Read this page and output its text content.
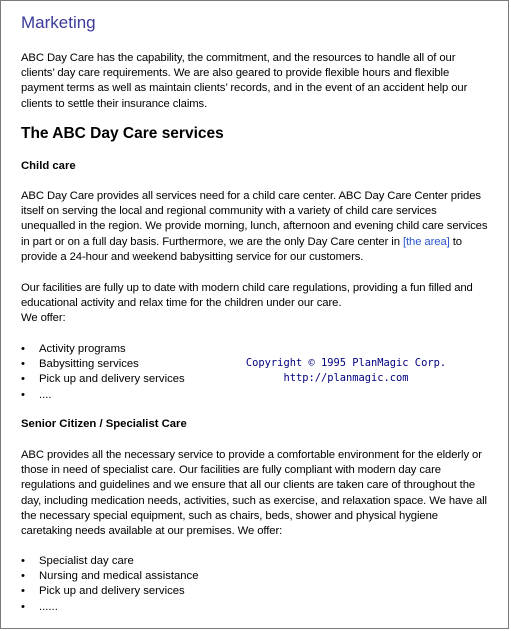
Marketing
ABC Day Care has the capability, the commitment, and the resources to handle all of our clients’ day care requirements. We are also geared to provide flexible hours and flexible payment terms as well as maintain clients’ records, and in the event of an accident help our clients to settle their insurance claims.
The ABC Day Care services
Child care
ABC Day Care provides all services need for a child care center. ABC Day Care Center prides itself on serving the local and regional community with a variety of child care services unequalled in the region. We provide morning, lunch, afternoon and evening child care services in part or on a full day basis. Furthermore, we are the only Day Care center in [the area] to provide a 24-hour and weekend babysitting service for our customers.
Our facilities are fully up to date with modern child care regulations, providing a fun filled and educational activity and relax time for the children under our care.
We offer:
• Activity programs
• Babysitting services
• Pick up and delivery services
• ....
Copyright © 1995 PlanMagic Corp.
http://planmagic.com
Senior Citizen / Specialist Care
ABC provides all the necessary service to provide a comfortable environment for the elderly or those in need of specialist care. Our facilities are fully compliant with modern day care regulations and guidelines and we ensure that all our clients are taken care of throughout the day, including medication needs, activities, such as exercise, and relaxation space. We have all the necessary special equipment, such as chairs, beds, shower and physical hygiene caretaking needs available at our premises. We offer:
• Specialist day care
• Nursing and medical assistance
• Pick up and delivery services
• ......
